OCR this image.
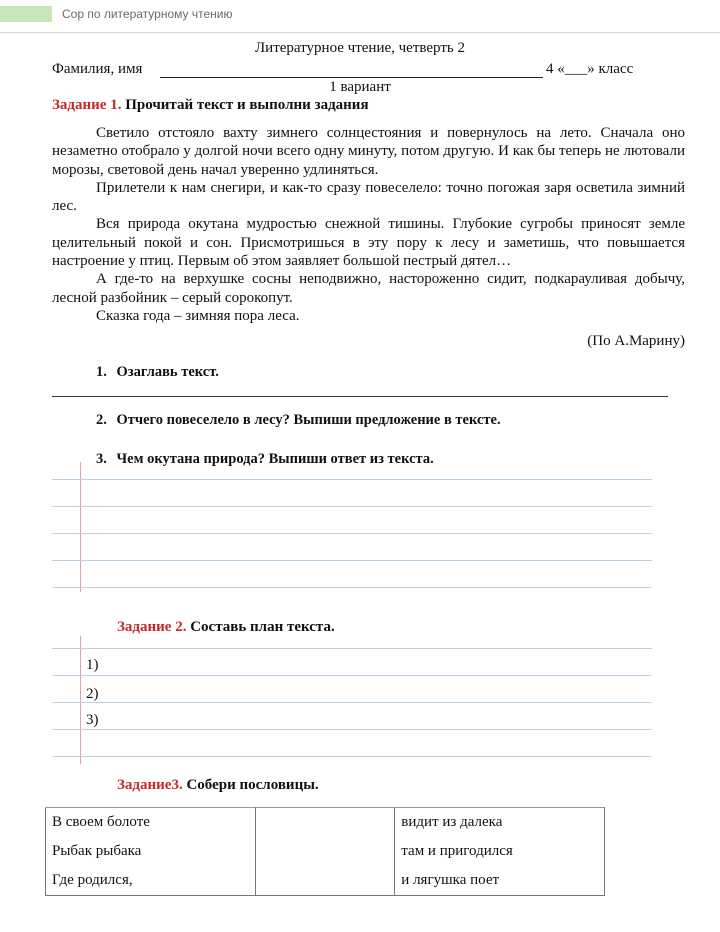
Сор по литературному чтению
Литературное чтение, четверть 2
Фамилия, имя	4 «___» класс
1 вариант
Задание 1. Прочитай текст и выполни задания

Светило отстояло вахту зимнего солнцестояния и повернулось на лето. Сначала оно незаметно отобрало у долгой ночи всего одну минуту, потом другую. И как бы теперь не лютовали морозы, световой день начал уверенно удлиняться.

Прилетели к нам снегири, и как-то сразу повеселело: точно погожая заря осветила зимний лес.

Вся природа окутана мудростью снежной тишины. Глубокие сугробы приносят земле целительный покой и сон. Присмотришься в эту пору к лесу и заметишь, что повышается настроение у птиц. Первым об этом заявляет большой пестрый дятел…

А где-то на верхушке сосны неподвижно, настороженно сидит, подкарауливая добычу, лесной разбойник – серый сорокопут.

Сказка года – зимняя пора леса.

(По А.Марину)
1. Озаглавь текст.
2. Отчего повеселело в лесу? Выпиши предложение в тексте.
3. Чем окутана природа? Выпиши ответ из текста.
Задание 2. Составь план текста.
1)
2)
3)
Задание3. Собери пословицы.
В своем болоте		видит из далека
Рыбак рыбака		там и пригодился
Где родился,		и лягушка поет
